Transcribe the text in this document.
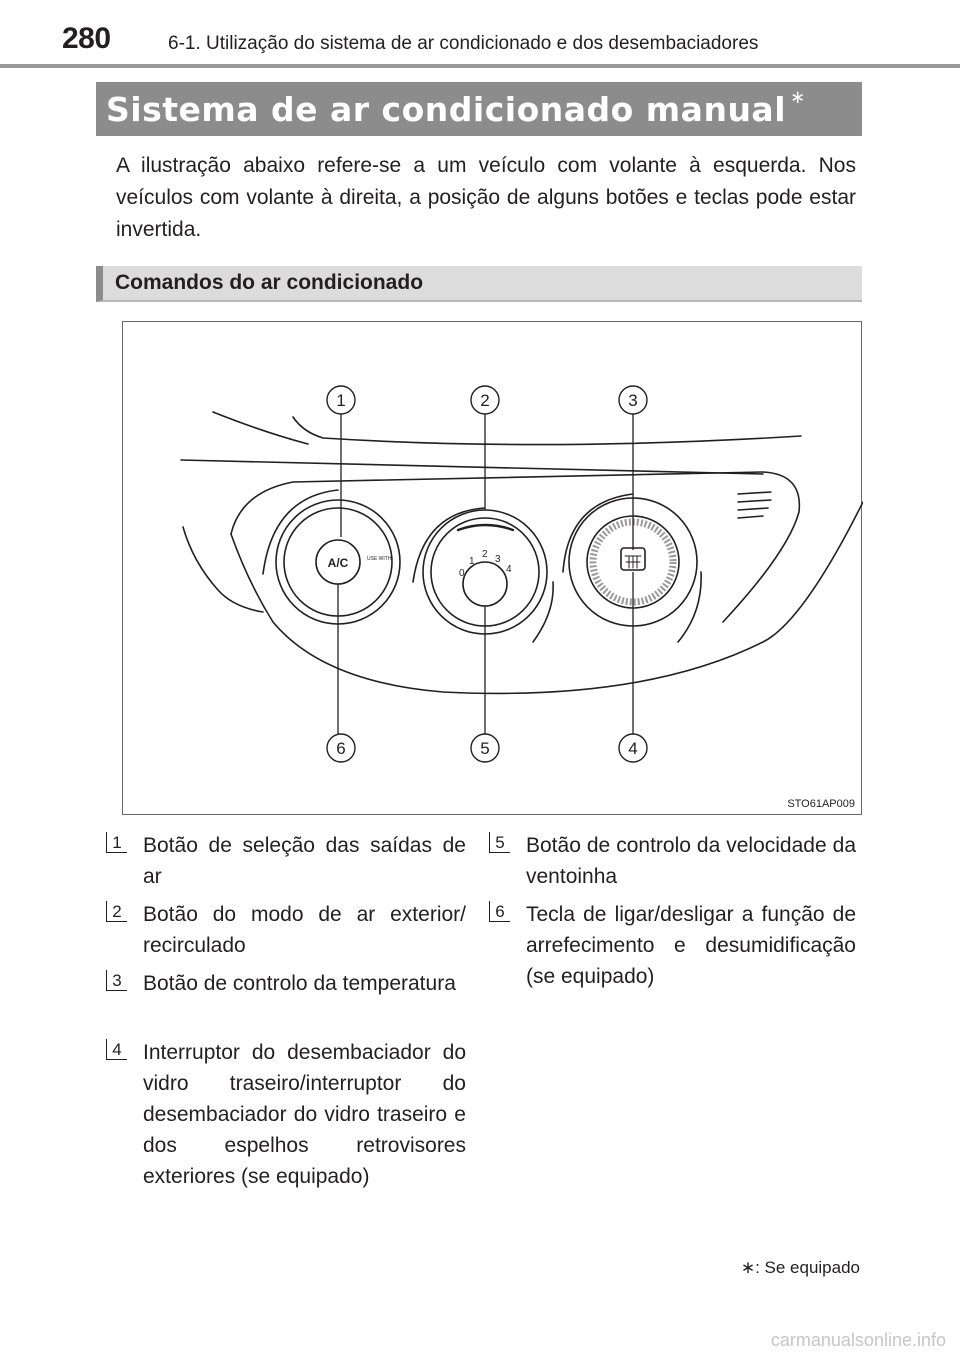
280	6-1. Utilização do sistema de ar condicionado e dos desembaciadores
Sistema de ar condicionado manual ∗
A ilustração abaixo refere-se a um veículo com volante à esquerda. Nos veículos com volante à direita, a posição de alguns botões e teclas pode estar invertida.
Comandos do ar condicionado
A/C	USE WITH
0
1
2 3
4
1	2	3
4
5
6
STO61AP009
1 Botão de seleção das saídas de ar
2 Botão do modo de ar exterior/ recirculado
3 Botão de controlo da temperatura
4 Interruptor do desembaciador do vidro traseiro/interruptor do desembaciador do vidro traseiro e dos espelhos retrovisores exteriores (se equipado)
5 Botão de controlo da velocidade da ventoinha
6 Tecla de ligar/desligar a função de arrefecimento e desumidificação (se equipado)
∗: Se equipado
carmanualsonline.info
